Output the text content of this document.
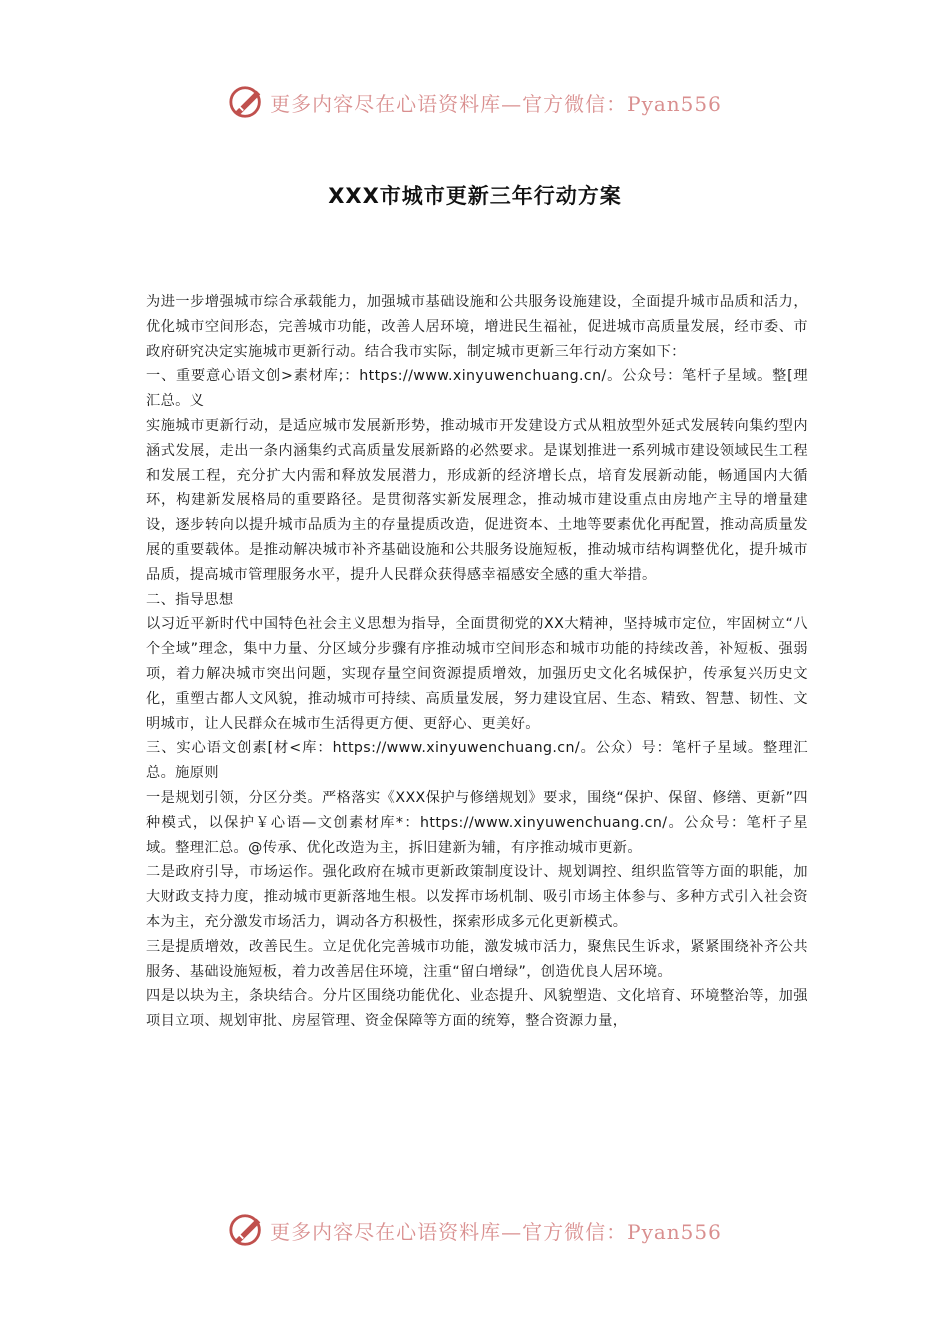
更多内容尽在心语资料库—官方微信：Pyan556
XXX市城市更新三年行动方案

为进一步增强城市综合承载能力，加强城市基础设施和公共服务设施建设，全面提升城市品质和活力，优化城市空间形态，完善城市功能，改善人居环境，增进民生福祉，促进城市高质量发展，经市委、市政府研究决定实施城市更新行动。结合我市实际，制定城市更新三年行动方案如下：

一、重要意心语文创>素材库;：https://www.xinyuwenchuang.cn/。公众号：笔杆子星域。整[理汇总。义

实施城市更新行动，是适应城市发展新形势，推动城市开发建设方式从粗放型外延式发展转向集约型内涵式发展，走出一条内涵集约式高质量发展新路的必然要求。是谋划推进一系列城市建设领域民生工程和发展工程，充分扩大内需和释放发展潜力，形成新的经济增长点，培育发展新动能，畅通国内大循环，构建新发展格局的重要路径。是贯彻落实新发展理念，推动城市建设重点由房地产主导的增量建设，逐步转向以提升城市品质为主的存量提质改造，促进资本、土地等要素优化再配置，推动高质量发展的重要载体。是推动解决城市补齐基础设施和公共服务设施短板，推动城市结构调整优化，提升城市品质，提高城市管理服务水平，提升人民群众获得感幸福感安全感的重大举措。

二、指导思想

以习近平新时代中国特色社会主义思想为指导，全面贯彻党的XX大精神，坚持城市定位，牢固树立“八个全域”理念，集中力量、分区域分步骤有序推动城市空间形态和城市功能的持续改善，补短板、强弱项，着力解决城市突出问题，实现存量空间资源提质增效，加强历史文化名城保护，传承复兴历史文化，重塑古都人文风貌，推动城市可持续、高质量发展，努力建设宜居、生态、精致、智慧、韧性、文明城市，让人民群众在城市生活得更方便、更舒心、更美好。

三、实心语文创素[材<库：https://www.xinyuwenchuang.cn/。公众）号：笔杆子星域。整理汇总。施原则

一是规划引领，分区分类。严格落实《XXX保护与修缮规划》要求，围绕“保护、保留、修缮、更新”四种模式，以保护￥心语—文创素材库*：https://www.xinyuwenchuang.cn/。公众号：笔杆子星域。整理汇总。@传承、优化改造为主，拆旧建新为辅，有序推动城市更新。

二是政府引导，市场运作。强化政府在城市更新政策制度设计、规划调控、组织监管等方面的职能，加大财政支持力度，推动城市更新落地生根。以发挥市场机制、吸引市场主体参与、多种方式引入社会资本为主，充分激发市场活力，调动各方积极性，探索形成多元化更新模式。

三是提质增效，改善民生。立足优化完善城市功能，激发城市活力，聚焦民生诉求，紧紧围绕补齐公共服务、基础设施短板，着力改善居住环境，注重“留白增绿”，创造优良人居环境。

四是以块为主，条块结合。分片区围绕功能优化、业态提升、风貌塑造、文化培育、环境整治等，加强项目立项、规划审批、房屋管理、资金保障等方面的统筹，整合资源力量，

更多内容尽在心语资料库—官方微信：Pyan556
